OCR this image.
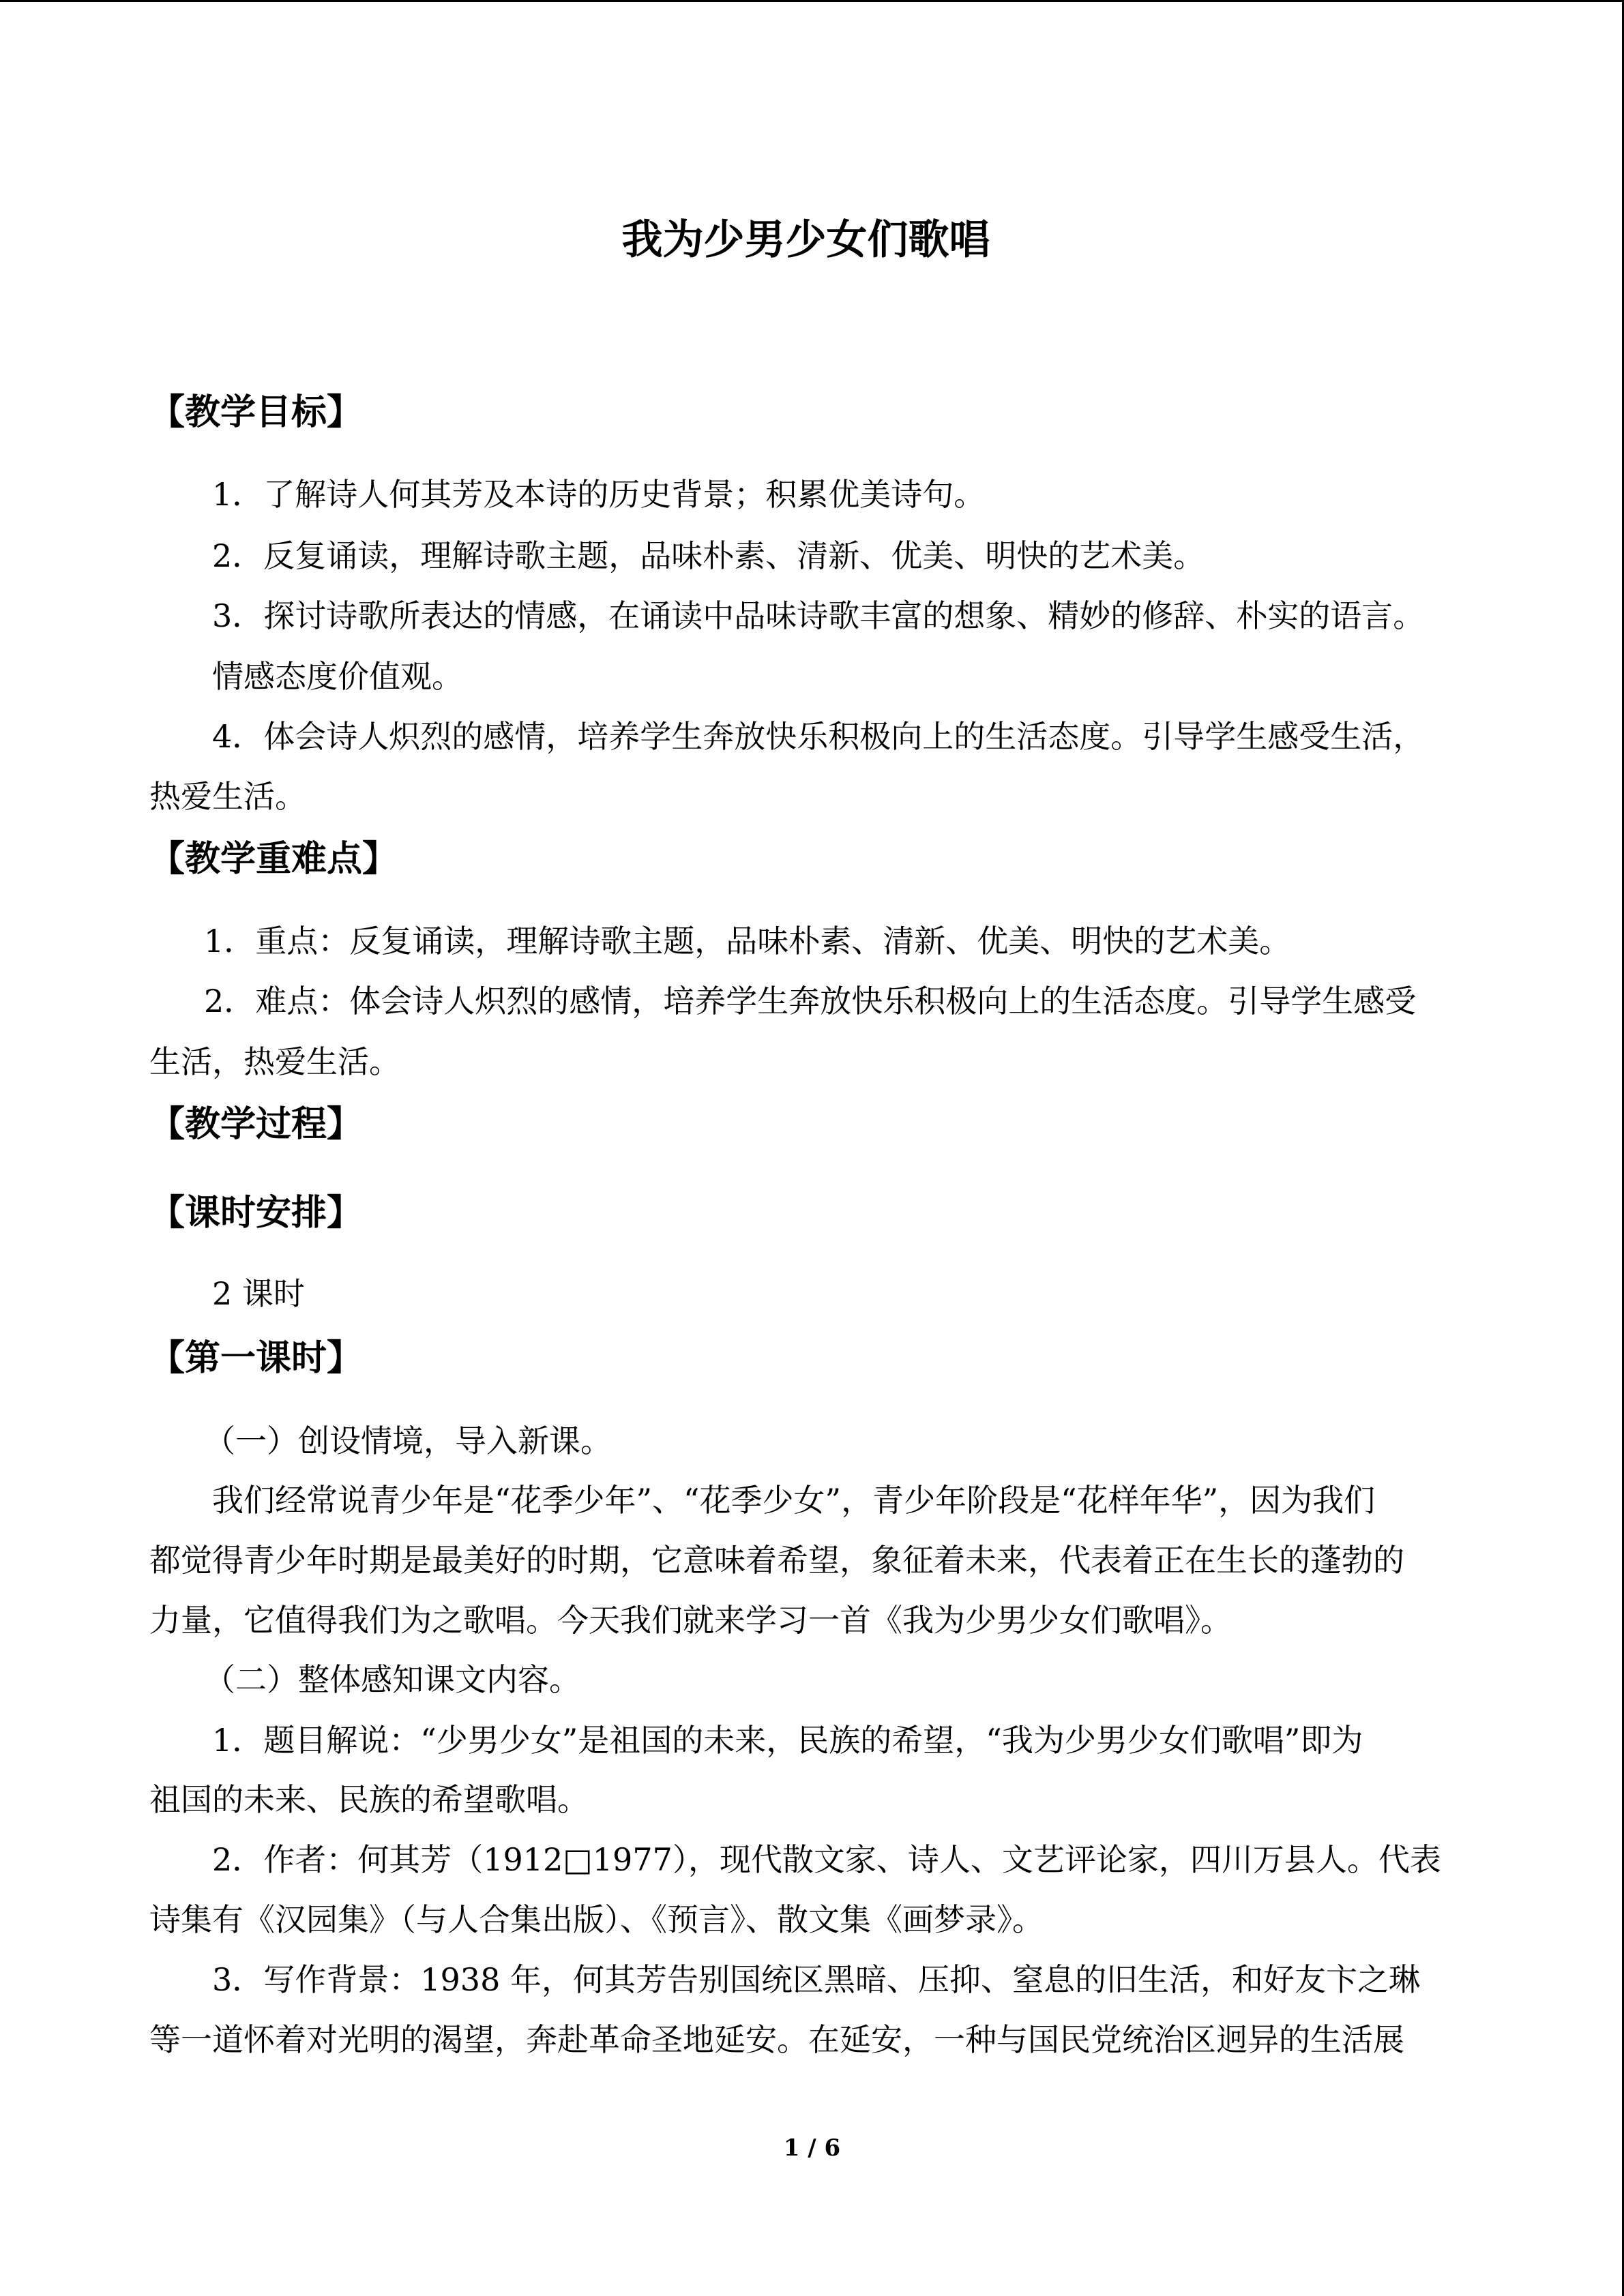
我为少男少女们歌唱
【教学目标】
1．了解诗人何其芳及本诗的历史背景；积累优美诗句。
2．反复诵读，理解诗歌主题，品味朴素、清新、优美、明快的艺术美。
3．探讨诗歌所表达的情感，在诵读中品味诗歌丰富的想象、精妙的修辞、朴实的语言。
情感态度价值观。
4．体会诗人炽烈的感情，培养学生奔放快乐积极向上的生活态度。引导学生感受生活，
热爱生活。
【教学重难点】
1．重点：反复诵读，理解诗歌主题，品味朴素、清新、优美、明快的艺术美。
2．难点：体会诗人炽烈的感情，培养学生奔放快乐积极向上的生活态度。引导学生感受
生活，热爱生活。
【教学过程】
【课时安排】
2 课时
【第一课时】
（一）创设情境，导入新课。
我们经常说青少年是“花季少年”、“花季少女”，青少年阶段是“花样年华”，因为我们
都觉得青少年时期是最美好的时期，它意味着希望，象征着未来，代表着正在生长的蓬勃的
力量，它值得我们为之歌唱。今天我们就来学习一首《我为少男少女们歌唱》。
（二）整体感知课文内容。
1．题目解说：“少男少女”是祖国的未来，民族的希望，“我为少男少女们歌唱”即为
祖国的未来、民族的希望歌唱。
2．作者：何其芳（1912□1977），现代散文家、诗人、文艺评论家，四川万县人。代表
诗集有《汉园集》（与人合集出版）、《预言》、散文集《画梦录》。
3．写作背景：1938 年，何其芳告别国统区黑暗、压抑、窒息的旧生活，和好友卞之琳
等一道怀着对光明的渴望，奔赴革命圣地延安。在延安，一种与国民党统治区迥异的生活展
1 / 6
